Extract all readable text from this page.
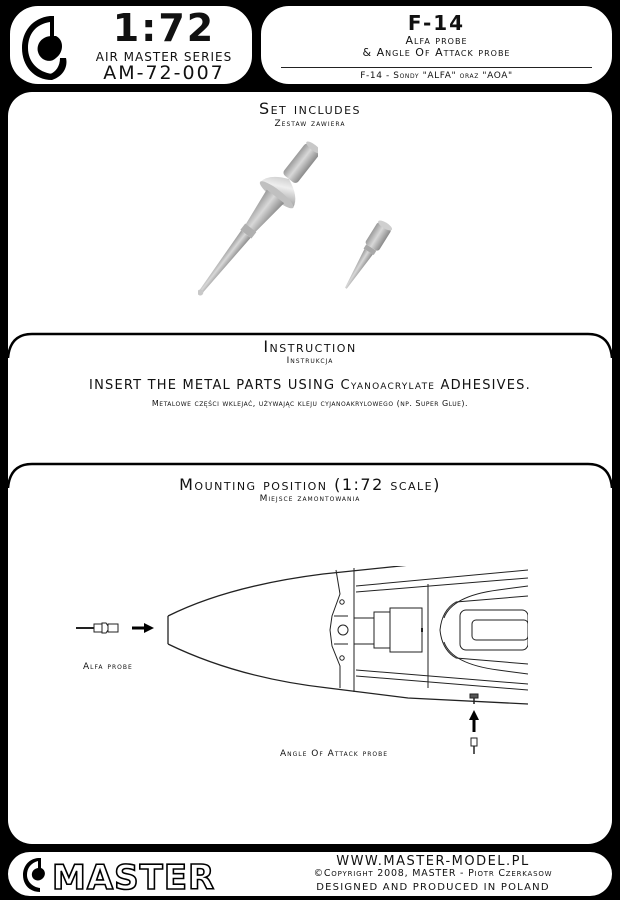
1:72
AIR MASTER SERIES
AM-72-007
F-14
Alfa probe
& Angle Of Attack probe
F-14 - Sondy "ALFA" oraz "AOA"
Set includes
Zestaw zawiera
Instruction
Instrukcja
INSERT THE METAL PARTS USING Cyanoacrylate ADHESIVES.
Metalowe części wklejać, używając kleju cyjanoakrylowego (np. Super Glue).
Mounting position (1:72 scale)
Miejsce zamontowania
Alfa probe
Angle Of Attack probe
MASTER	WWW.MASTER-MODEL.PL
©Copyright 2008, MASTER - Piotr Czerkasow
DESIGNED AND PRODUCED IN POLAND
